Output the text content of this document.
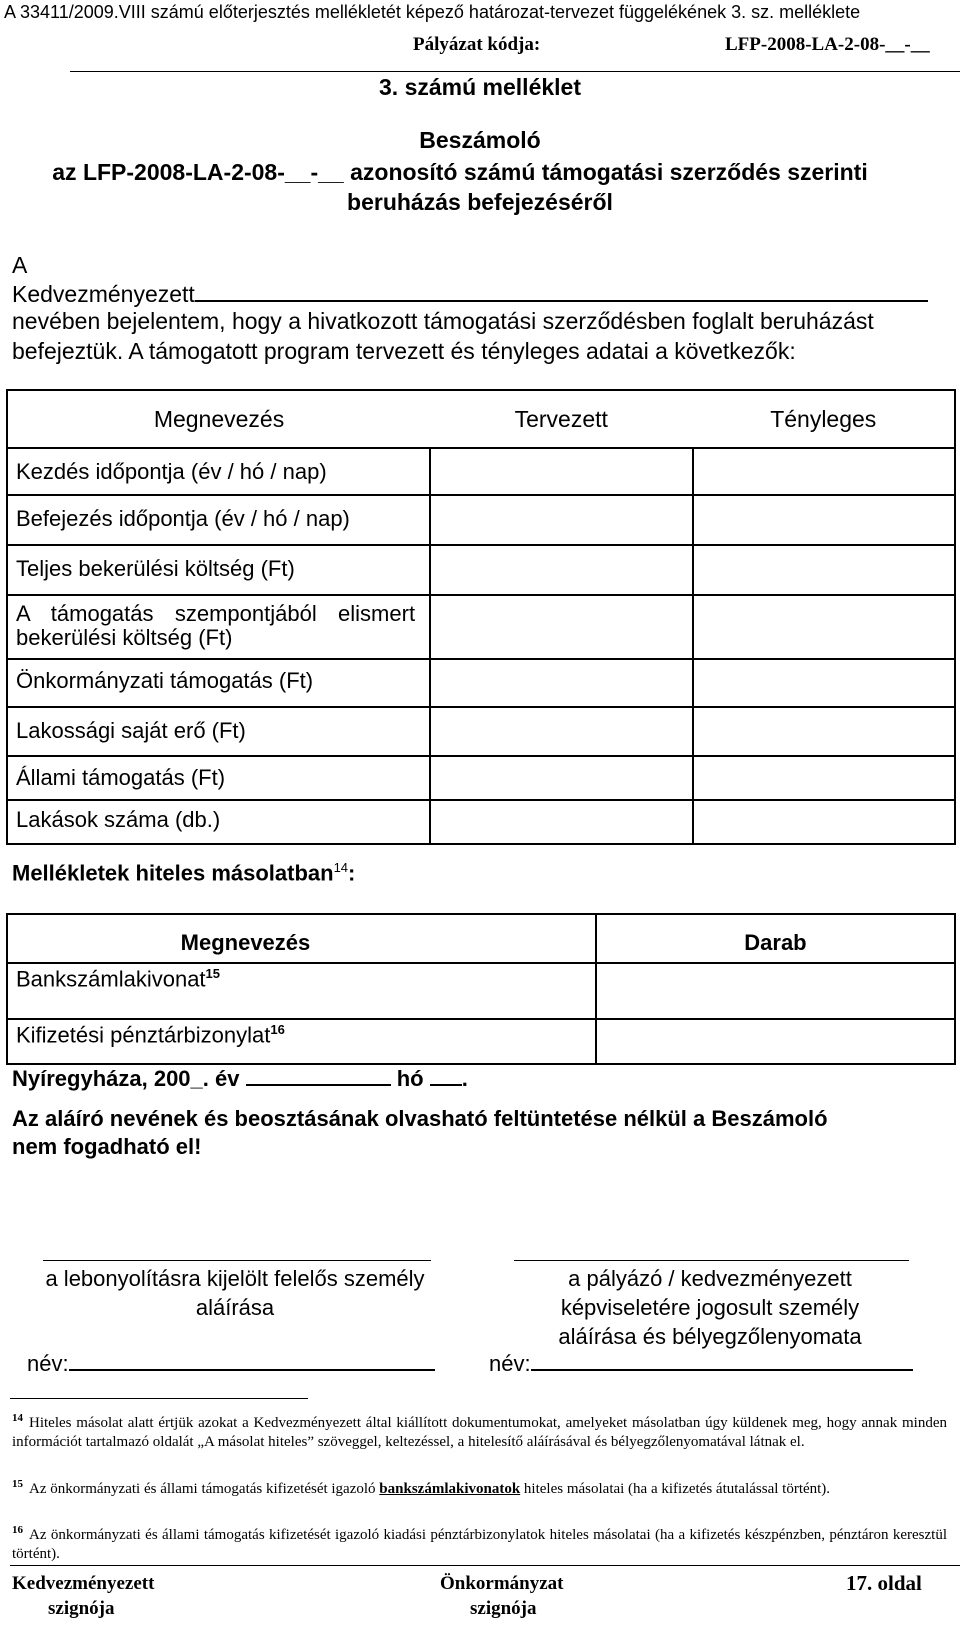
A 33411/2009.VIII számú előterjesztés mellékletét képező határozat-tervezet függelékének 3. sz. melléklete
Pályázat kódja:	LFP-2008-LA-2-08-__-__
3. számú melléklet
Beszámoló
az LFP-2008-LA-2-08-__-__ azonosító számú támogatási szerződés szerinti
beruházás befejezéséről
A
Kedvezményezett
nevében bejelentem, hogy a hivatkozott támogatási szerződésben foglalt beruházást
befejeztük. A támogatott program tervezett és tényleges adatai a következők:
Megnevezés	Tervezett	Tényleges
Kezdés időpontja (év / hó / nap)		
Befejezés időpontja (év / hó / nap)		
Teljes bekerülési költség (Ft)		
A támogatás szempontjából elismert bekerülési költség (Ft)		
Önkormányzati támogatás (Ft)		
Lakossági saját erő (Ft)		
Állami támogatás (Ft)		
Lakások száma (db.)		
Mellékletek hiteles másolatban$^{14}$:
Megnevezés	Darab
Bankszámlakivonat$^{15}$	
Kifizetési pénztárbizonylat$^{16}$	
Nyíregyháza, 200_. év	hó .
Az aláíró nevének és beosztásának olvasható feltüntetése nélkül a Beszámoló
nem fogadható el!
a lebonyolításra kijelölt felelős személy
aláírása
a pályázó / kedvezményezett
képviseletére jogosult személy
aláírása és bélyegzőlenyomata
név:	név:
$^{14}$ Hiteles másolat alatt értjük azokat a Kedvezményezett által kiállított dokumentumokat, amelyeket másolatban úgy küldenek meg, hogy annak minden információt tartalmazó oldalát „A másolat hiteles” szöveggel, keltezéssel, a hitelesítő aláírásával és bélyegzőlenyomatával látnak el.
$^{15}$ Az önkormányzati és állami támogatás kifizetését igazoló bankszámlakivonatok hiteles másolatai (ha a kifizetés átutalással történt).
$^{16}$ Az önkormányzati és állami támogatás kifizetését igazoló kiadási pénztárbizonylatok hiteles másolatai (ha a kifizetés készpénzben, pénztáron keresztül történt).
Kedvezményezett
szignója
Önkormányzat
szignója
17. oldal
